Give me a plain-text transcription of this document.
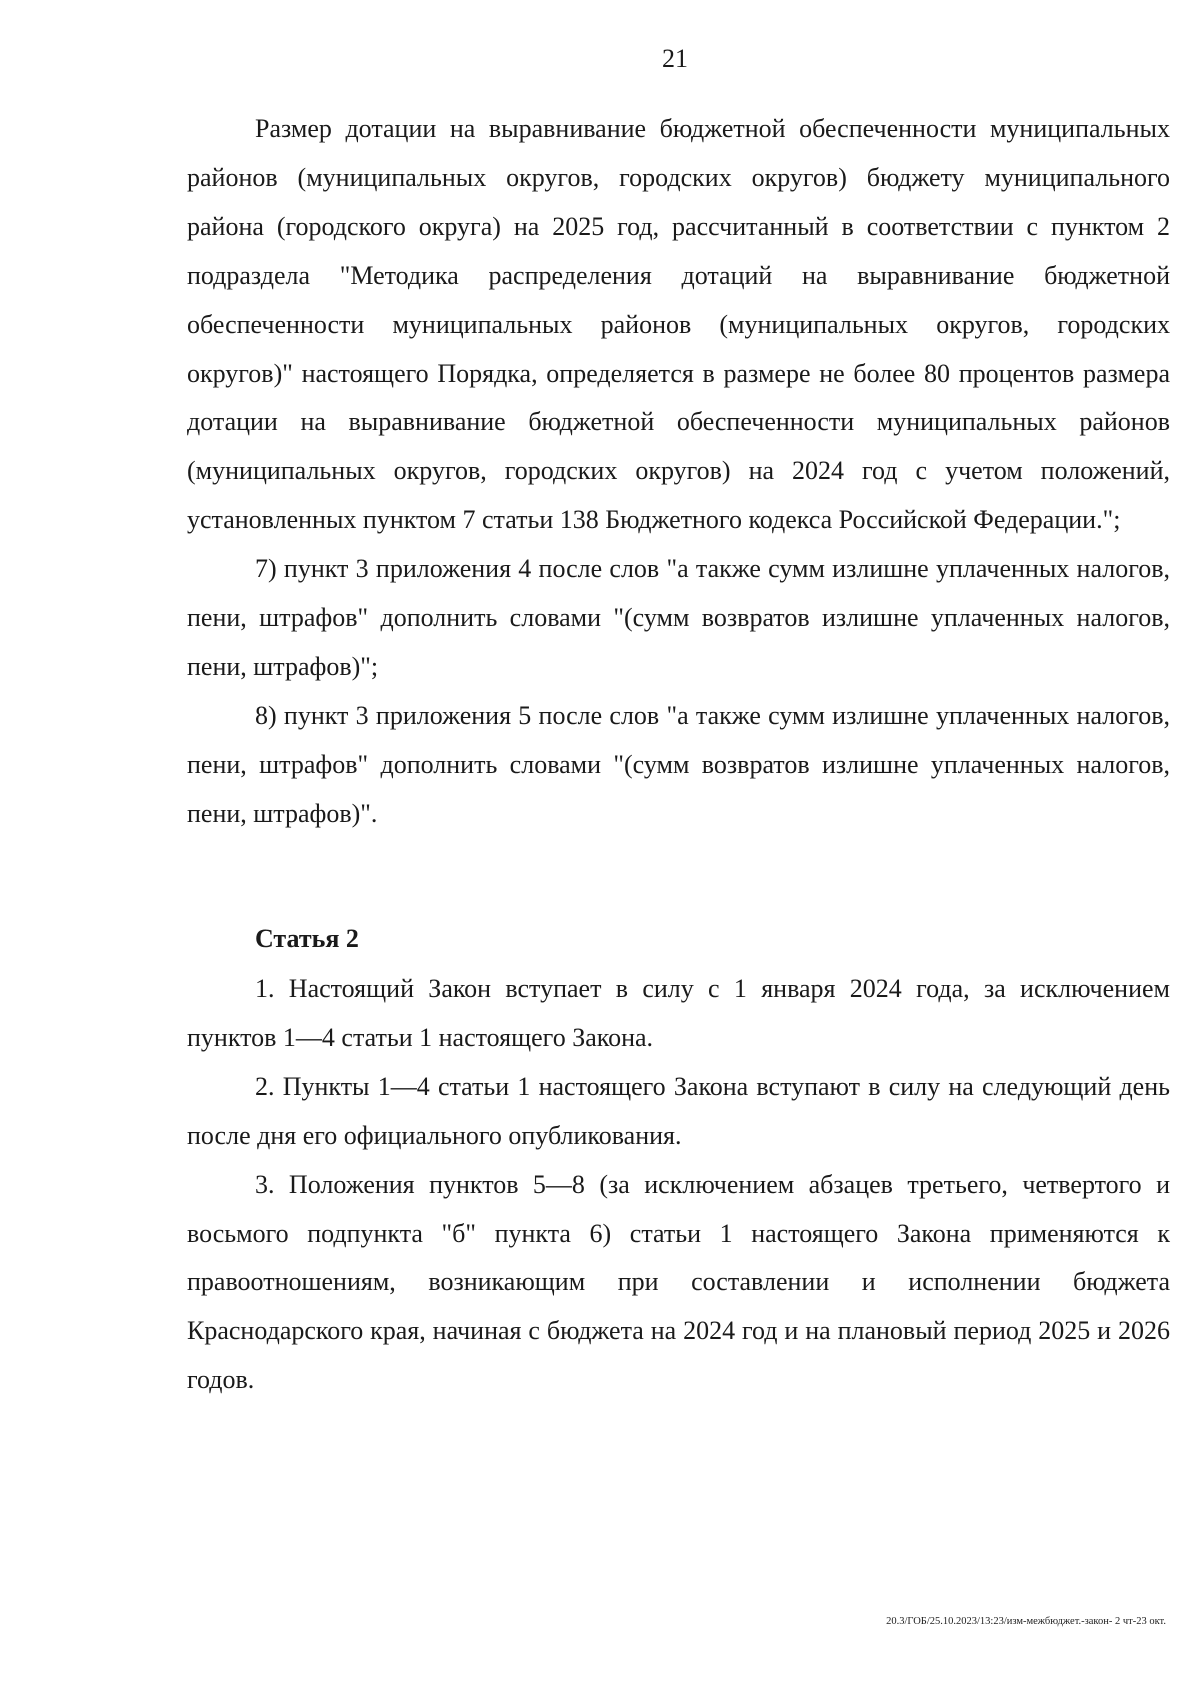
21

Размер дотации на выравнивание бюджетной обеспеченности муниципальных районов (муниципальных округов, городских округов) бюджету муниципального района (городского округа) на 2025 год, рассчитанный в соответствии с пунктом 2 подраздела "Методика распределения дотаций на выравнивание бюджетной обеспеченности муниципальных районов (муниципальных округов, городских округов)" настоящего Порядка, определяется в размере не более 80 процентов размера дотации на выравнивание бюджетной обеспеченности муниципальных районов (муниципальных округов, городских округов) на 2024 год с учетом положений, установленных пунктом 7 статьи 138 Бюджетного кодекса Российской Федерации.";

7) пункт 3 приложения 4 после слов "а также сумм излишне уплаченных налогов, пени, штрафов" дополнить словами "(сумм возвратов излишне уплаченных налогов, пени, штрафов)";

8) пункт 3 приложения 5 после слов "а также сумм излишне уплаченных налогов, пени, штрафов" дополнить словами "(сумм возвратов излишне уплаченных налогов, пени, штрафов)".

Статья 2

1. Настоящий Закон вступает в силу с 1 января 2024 года, за исключением пунктов 1—4 статьи 1 настоящего Закона.

2. Пункты 1—4 статьи 1 настоящего Закона вступают в силу на следующий день после дня его официального опубликования.

3. Положения пунктов 5—8 (за исключением абзацев третьего, четвертого и восьмого подпункта "б" пункта 6) статьи 1 настоящего Закона применяются к правоотношениям, возникающим при составлении и исполнении бюджета Краснодарского края, начиная с бюджета на 2024 год и на плановый период 2025 и 2026 годов.

20.3/ГОБ/25.10.2023/13:23/изм-межбюджет.-закон- 2 чт-23 окт.
